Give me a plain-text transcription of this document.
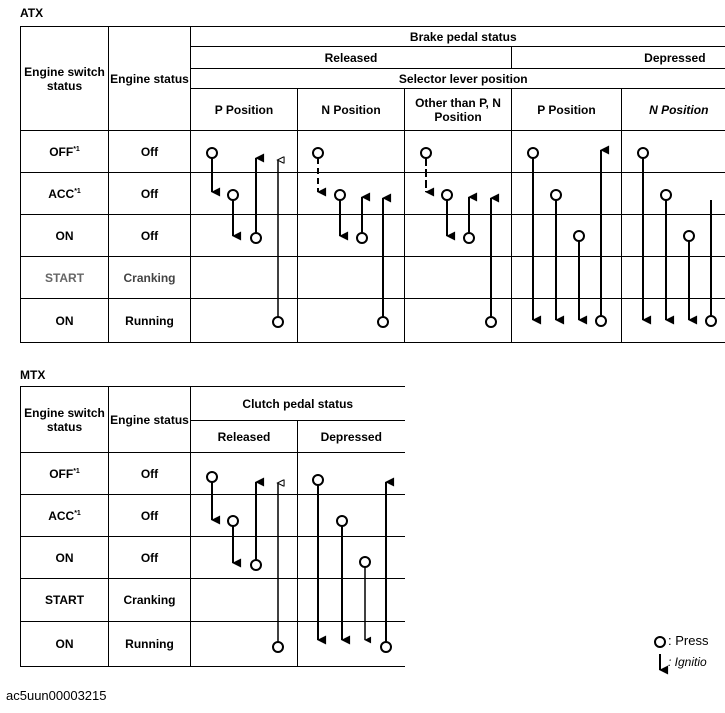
ATX
Engine switch status	Engine status	Brake pedal status				
		Released			Depressed	
		Selector lever position				
		P Position	N Position	Other than P, N Position	P Position	N Position
OFF$^{*1}$	Off					
ACC$^{*1}$	Off					
ON	Off					
START	Cranking					
ON	Running					
MTX
Engine switch status	Engine status	Clutch pedal status	
		Released	Depressed
OFF$^{*1}$	Off		
ACC$^{*1}$	Off		
ON	Off		
START	Cranking		
ON	Running			: Press
: Ignitio
ac5uun00003215
